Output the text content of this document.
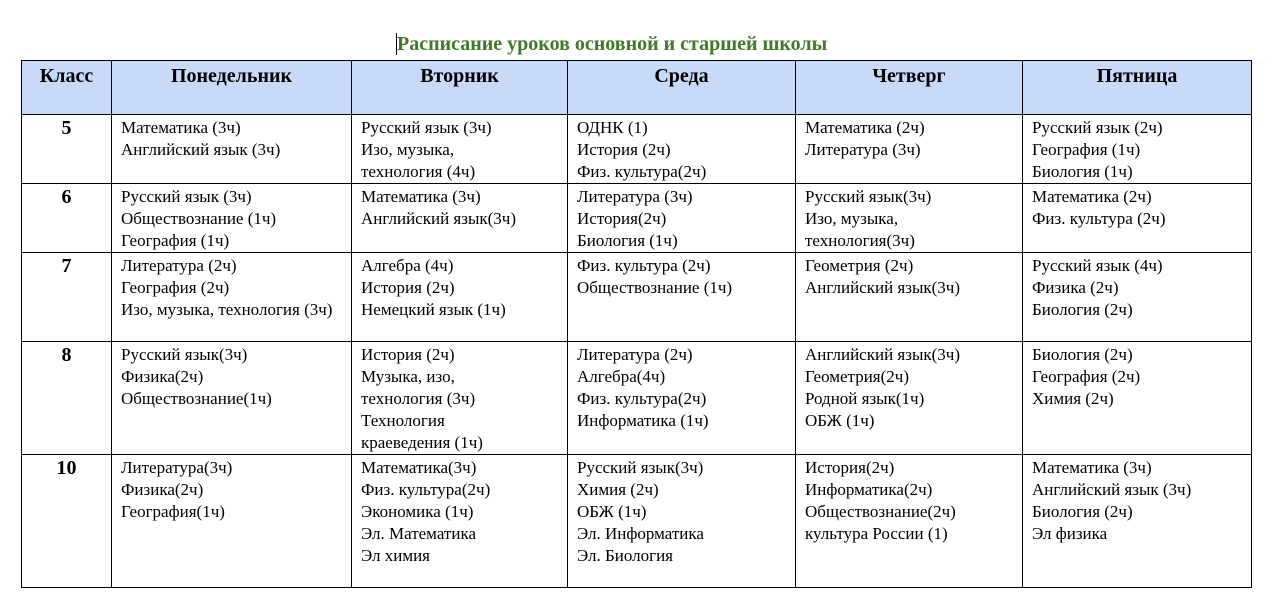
Расписание уроков основной и старшей школы
Класс	Понедельник	Вторник	Среда	Четверг	Пятница
5	Математика (3ч)
Английский язык (3ч)	Русский язык (3ч)
Изо, музыка,
технология (4ч)	ОДНК (1)
История (2ч)
Физ. культура(2ч)	Математика (2ч)
Литература (3ч)	Русский язык (2ч)
География (1ч)
Биология (1ч)

6	Русский язык (3ч)
Обществознание (1ч)
География (1ч)	Математика (3ч)
Английский язык(3ч)	Литература (3ч)
История(2ч)
Биология (1ч)	Русский язык(3ч)
Изо, музыка,
технология(3ч)	Математика (2ч)
Физ. культура (2ч)

7	Литература (2ч)
География (2ч)
Изо, музыка, технология (3ч)	Алгебра (4ч)
История (2ч)
Немецкий язык (1ч)	Физ. культура (2ч)
Обществознание (1ч)	Геометрия (2ч)
Английский язык(3ч)	Русский язык (4ч)
Физика (2ч)
Биология (2ч)

8	Русский язык(3ч)
Физика(2ч)
Обществознание(1ч)	История (2ч)
Музыка, изо,
технология (3ч)
Технология
краеведения (1ч)	Литература (2ч)
Алгебра(4ч)
Физ. культура(2ч)
Информатика (1ч)	Английский язык(3ч)
Геометрия(2ч)
Родной язык(1ч)
ОБЖ (1ч)	Биология (2ч)
География (2ч)
Химия (2ч)

10	Литература(3ч)
Физика(2ч)
География(1ч)	Математика(3ч)
Физ. культура(2ч)
Экономика (1ч)
Эл. Математика
Эл химия	Русский язык(3ч)
Химия (2ч)
ОБЖ (1ч)
Эл. Информатика
Эл. Биология	История(2ч)
Информатика(2ч)
Обществознание(2ч)
культура России (1)	Математика (3ч)
Английский язык (3ч)
Биология (2ч)
Эл физика
